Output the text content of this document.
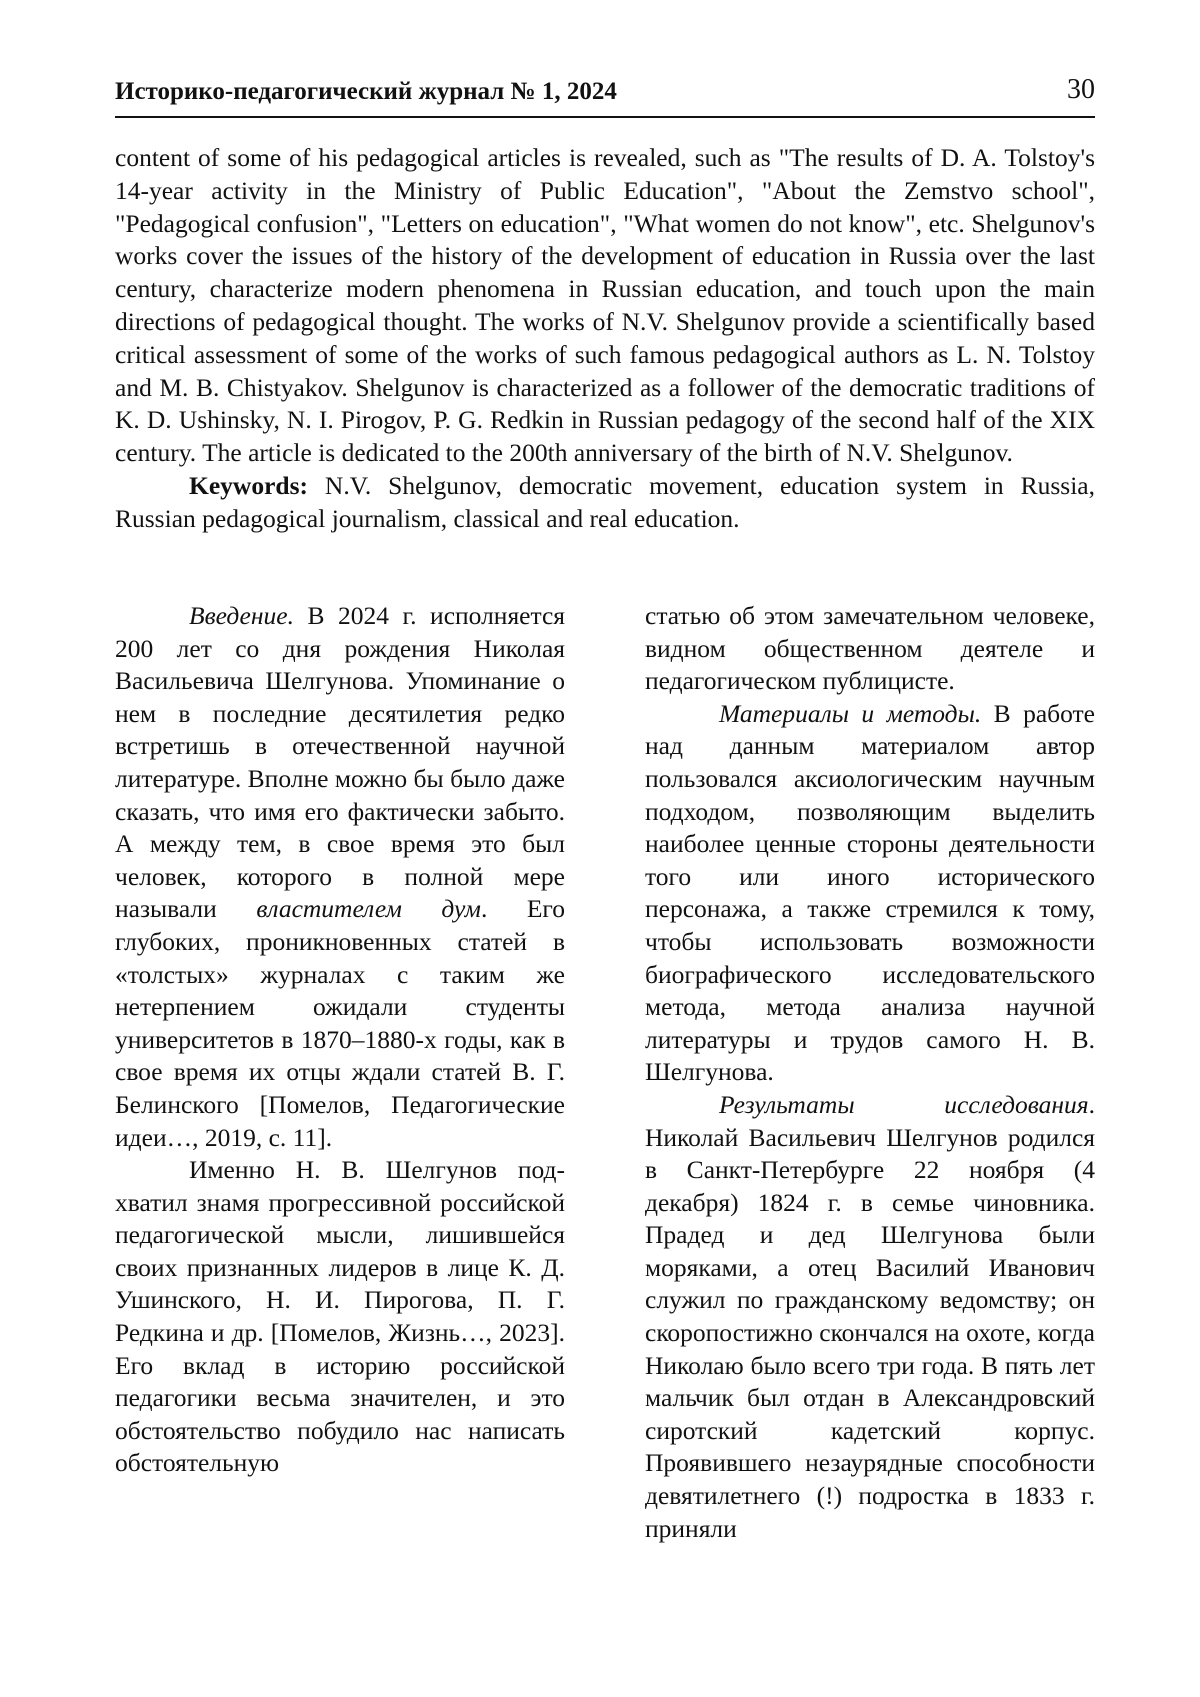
Историко-педагогический журнал № 1, 2024	30

content of some of his pedagogical articles is revealed, such as "The results of D. A. Tolstoy's 14-year activity in the Ministry of Public Education", "About the Zemstvo school", "Pedagogical confusion", "Letters on education", "What women do not know", etc. Shelgunov's works cover the issues of the history of the development of education in Russia over the last century, characterize modern phenomena in Russian education, and touch upon the main directions of pedagogical thought. The works of N.V. Shelgunov provide a scientifically based critical assessment of some of the works of such famous pedagogical authors as L. N. Tolstoy and M. B. Chistyakov. Shelgunov is characterized as a follower of the democratic traditions of K. D. Ushinsky, N. I. Pirogov, P. G. Redkin in Russian pedagogy of the second half of the XIX century. The article is dedicated to the 200th anniversary of the birth of N.V. Shelgunov.

Keywords: N.V. Shelgunov, democratic movement, education system in Russia, Russian pedagogical journalism, classical and real education.

Введение. В 2024 г. исполняется 200 лет со дня рождения Николая Васильевича Шелгунова. Упоминание о нем в последние десятилетия редко встретишь в отечественной научной литературе. Вполне можно бы было даже сказать, что имя его фактически забыто. А между тем, в свое время это был человек, которого в полной мере называли властителем дум. Его глубоких, проникновенных статей в «толстых» журналах с таким же нетерпением ожидали студенты университетов в 1870–1880-х годы, как в свое время их отцы ждали статей В. Г. Белинского [Помелов, Педагогические идеи…, 2019, с. 11].

Именно Н. В. Шелгунов подхватил знамя прогрессивной российской педагогической мысли, лишившейся своих признанных лидеров в лице К. Д. Ушинского, Н. И. Пирогова, П. Г. Редкина и др. [Помелов, Жизнь…, 2023]. Его вклад в историю российской педагогики весьма значителен, и это обстоятельство побудило нас написать обстоятельную

статью об этом замечательном человеке, видном общественном деятеле и педагогическом публицисте.

Материалы и методы. В работе над данным материалом автор пользовался аксиологическим научным подходом, позволяющим выделить наиболее ценные стороны деятельности того или иного исторического персонажа, а также стремился к тому, чтобы использовать возможности биографического исследовательского метода, метода анализа научной литературы и трудов самого Н. В. Шелгунова.

Результаты исследования. Николай Васильевич Шелгунов родился в Санкт-Петербурге 22 ноября (4 декабря) 1824 г. в семье чиновника. Прадед и дед Шелгунова были моряками, а отец Василий Иванович служил по гражданскому ведомству; он скоропостижно скончался на охоте, когда Николаю было всего три года. В пять лет мальчик был отдан в Александровский сиротский кадетский корпус. Проявившего незаурядные способности девятилетнего (!) подростка в 1833 г. приняли
